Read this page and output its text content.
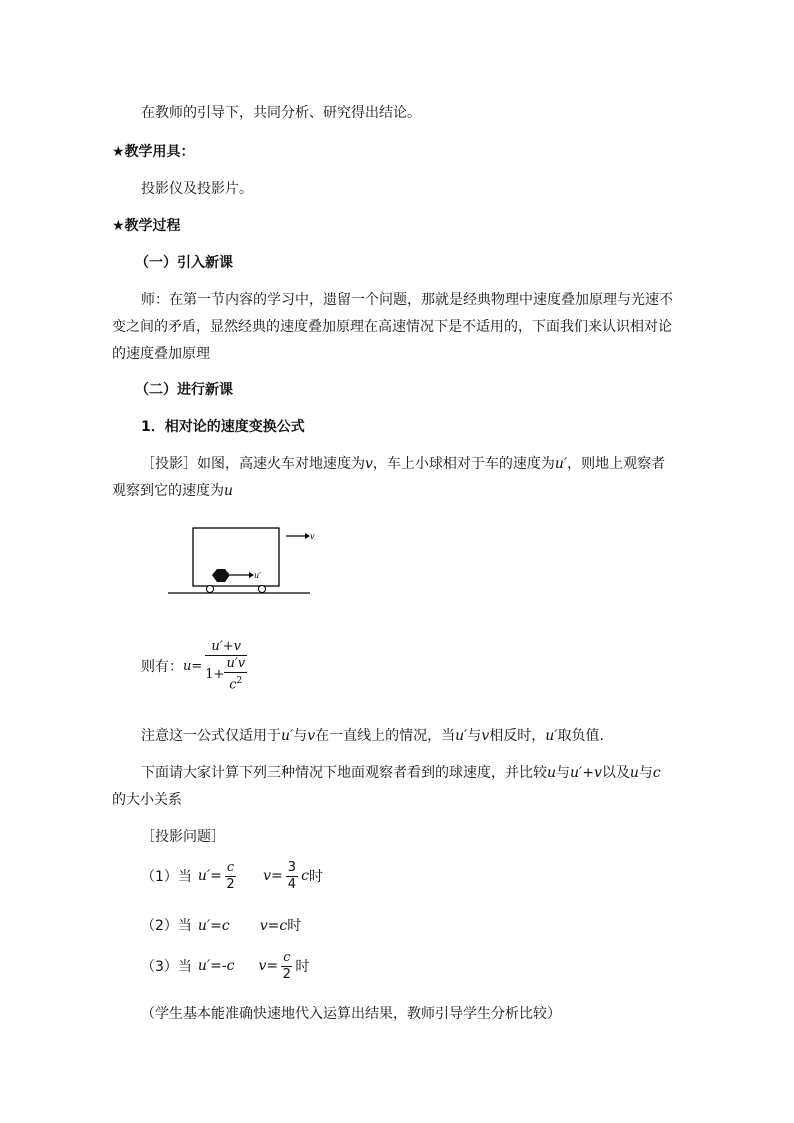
在教师的引导下，共同分析、研究得出结论。
★教学用具：
投影仪及投影片。
★教学过程
（一）引入新课
师：在第一节内容的学习中，遗留一个问题，那就是经典物理中速度叠加原理与光速不
变之间的矛盾，显然经典的速度叠加原理在高速情况下是不适用的，下面我们来认识相对论
的速度叠加原理
（二）进行新课
1．相对论的速度变换公式
［投影］如图，高速火车对地速度为v，车上小球相对于车的速度为u′，则地上观察者
观察到它的速度为u
v
u′
则有： $u= \frac{u'+v}{1+ \frac{u'v}{c^2}}$
注意这一公式仅适用于u′与v在一直线上的情况，当u′与v相反时，u′取负值.
下面请大家计算下列三种情况下地面观察者看到的球速度，并比较u与u′+v以及u与c
的大小关系
［投影问题］
（1）当 $u' = \frac{c}{2} v= \frac{3}{4}$ c 时
（2）当 u′=c v=c时
（3）当 u′ =-c $v= \frac{c}{2}$ 时
（学生基本能准确快速地代入运算出结果，教师引导学生分析比较）
